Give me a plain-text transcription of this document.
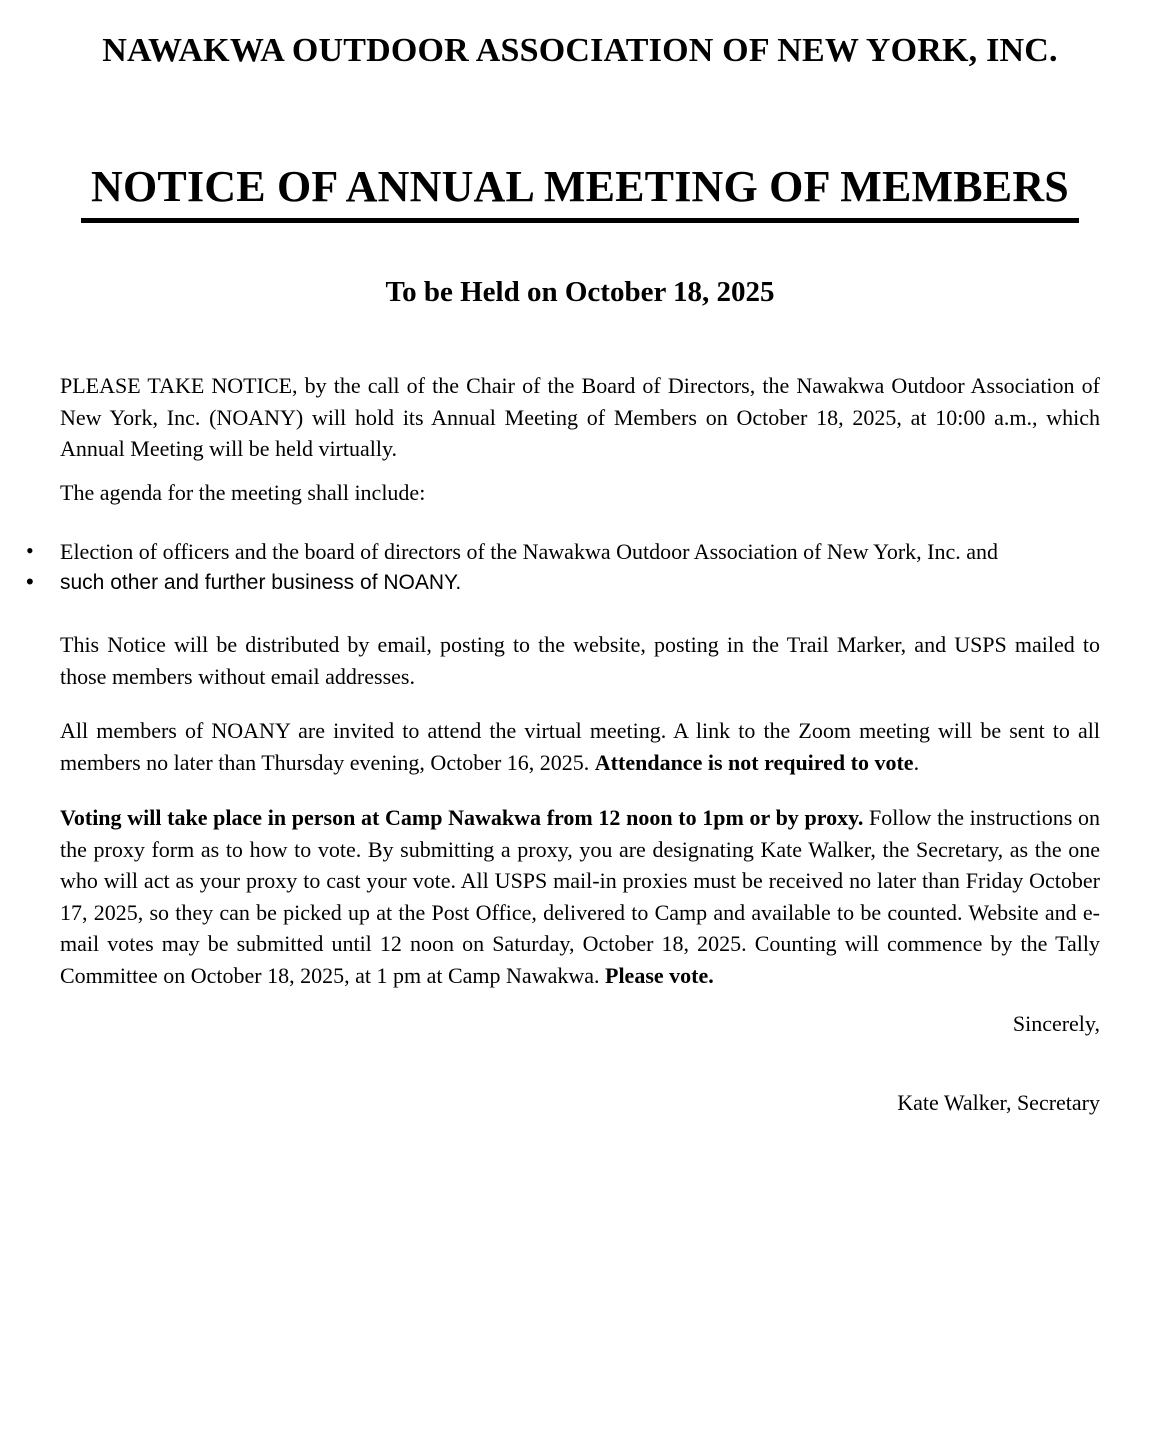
NAWAKWA OUTDOOR ASSOCIATION OF NEW YORK, INC.
NOTICE OF ANNUAL MEETING OF MEMBERS
To be Held on October 18, 2025

PLEASE TAKE NOTICE, by the call of the Chair of the Board of Directors, the Nawakwa Outdoor Association of New York, Inc. (NOANY) will hold its Annual Meeting of Members on October 18, 2025, at 10:00 a.m., which Annual Meeting will be held virtually.

The agenda for the meeting shall include:

• Election of officers and the board of directors of the Nawakwa Outdoor Association of New York, Inc. and
• such other and further business of NOANY.

This Notice will be distributed by email, posting to the website, posting in the Trail Marker, and USPS mailed to those members without email addresses.

All members of NOANY are invited to attend the virtual meeting. A link to the Zoom meeting will be sent to all members no later than Thursday evening, October 16, 2025. Attendance is not required to vote.

Voting will take place in person at Camp Nawakwa from 12 noon to 1pm or by proxy. Follow the instructions on the proxy form as to how to vote. By submitting a proxy, you are designating Kate Walker, the Secretary, as the one who will act as your proxy to cast your vote. All USPS mail-in proxies must be received no later than Friday October 17, 2025, so they can be picked up at the Post Office, delivered to Camp and available to be counted. Website and e-mail votes may be submitted until 12 noon on Saturday, October 18, 2025. Counting will commence by the Tally Committee on October 18, 2025, at 1 pm at Camp Nawakwa. Please vote.

Sincerely,
Kate Walker, Secretary
